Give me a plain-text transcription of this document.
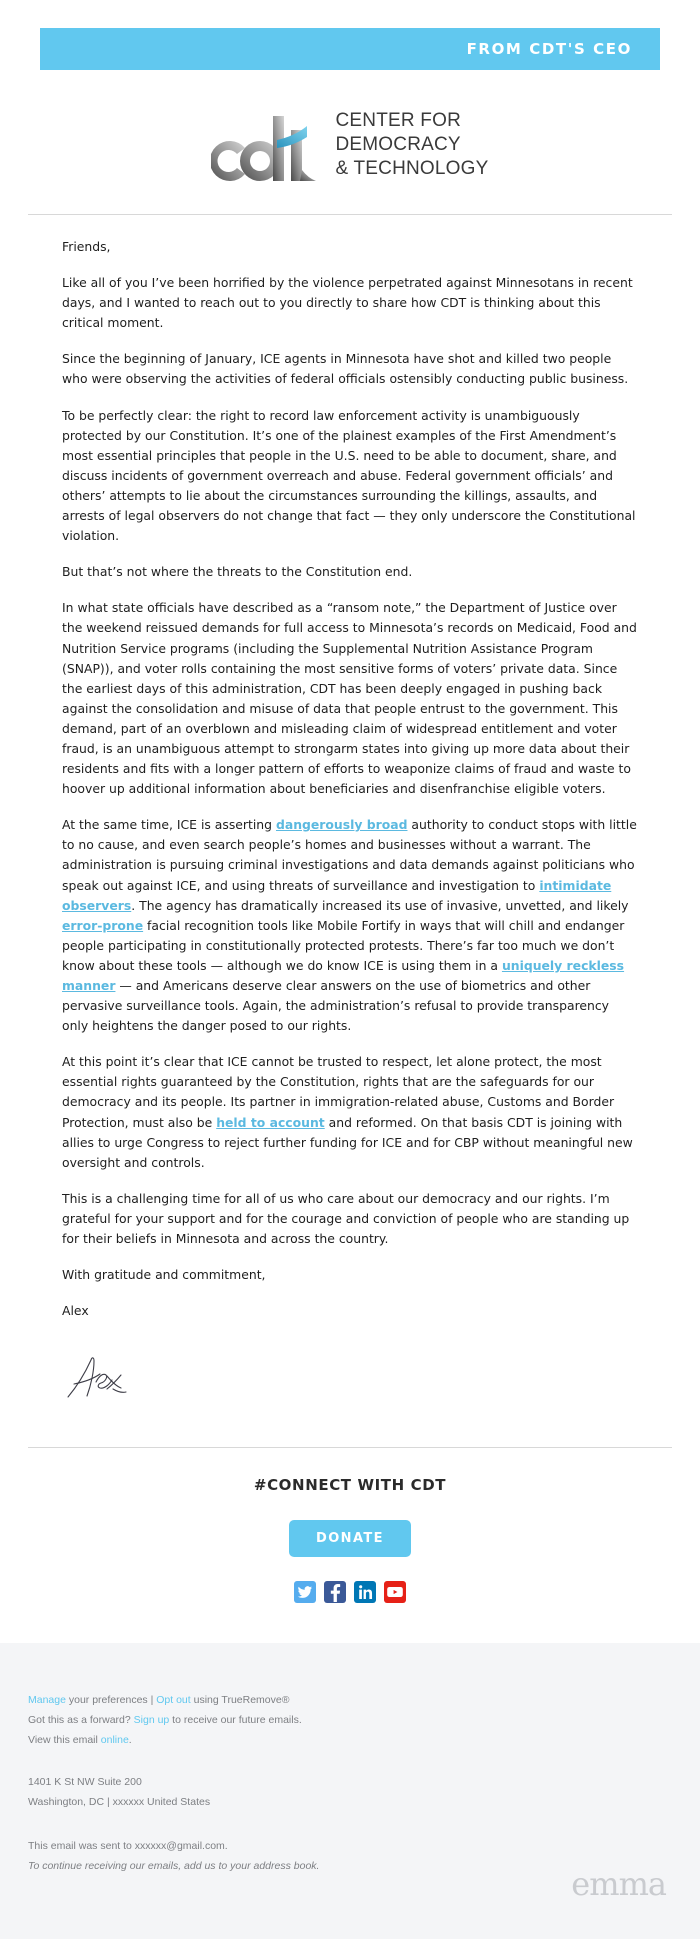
FROM CDT'S CEO
CENTER FOR
DEMOCRACY
& TECHNOLOGY

Friends,

Like all of you I’ve been horrified by the violence perpetrated against Minnesotans in recent days, and I wanted to reach out to you directly to share how CDT is thinking about this critical moment.

Since the beginning of January, ICE agents in Minnesota have shot and killed two people who were observing the activities of federal officials ostensibly conducting public business.

To be perfectly clear: the right to record law enforcement activity is unambiguously protected by our Constitution. It’s one of the plainest examples of the First Amendment’s most essential principles that people in the U.S. need to be able to document, share, and discuss incidents of government overreach and abuse. Federal government officials’ and others’ attempts to lie about the circumstances surrounding the killings, assaults, and arrests of legal observers do not change that fact — they only underscore the Constitutional violation.

But that’s not where the threats to the Constitution end.

In what state officials have described as a “ransom note,” the Department of Justice over the weekend reissued demands for full access to Minnesota’s records on Medicaid, Food and Nutrition Service programs (including the Supplemental Nutrition Assistance Program (SNAP)), and voter rolls containing the most sensitive forms of voters’ private data. Since the earliest days of this administration, CDT has been deeply engaged in pushing back against the consolidation and misuse of data that people entrust to the government. This demand, part of an overblown and misleading claim of widespread entitlement and voter fraud, is an unambiguous attempt to strongarm states into giving up more data about their residents and fits with a longer pattern of efforts to weaponize claims of fraud and waste to hoover up additional information about beneficiaries and disenfranchise eligible voters.

At the same time, ICE is asserting dangerously broad authority to conduct stops with little to no cause, and even search people’s homes and businesses without a warrant. The administration is pursuing criminal investigations and data demands against politicians who speak out against ICE, and using threats of surveillance and investigation to intimidate observers. The agency has dramatically increased its use of invasive, unvetted, and likely error-prone facial recognition tools like Mobile Fortify in ways that will chill and endanger people participating in constitutionally protected protests. There’s far too much we don’t know about these tools — although we do know ICE is using them in a uniquely reckless manner — and Americans deserve clear answers on the use of biometrics and other pervasive surveillance tools. Again, the administration’s refusal to provide transparency only heightens the danger posed to our rights.

At this point it’s clear that ICE cannot be trusted to respect, let alone protect, the most essential rights guaranteed by the Constitution, rights that are the safeguards for our democracy and its people. Its partner in immigration-related abuse, Customs and Border Protection, must also be held to account and reformed. On that basis CDT is joining with allies to urge Congress to reject further funding for ICE and for CBP without meaningful new oversight and controls.

This is a challenging time for all of us who care about our democracy and our rights. I’m grateful for your support and for the courage and conviction of people who are standing up for their beliefs in Minnesota and across the country.

With gratitude and commitment,

Alex

#CONNECT WITH CDT
DONATE

Manage your preferences | Opt out using TrueRemove®
Got this as a forward? Sign up to receive our future emails.
View this email online.
1401 K St NW Suite 200
Washington, DC | xxxxxx United States
This email was sent to xxxxxx@gmail.com.
To continue receiving our emails, add us to your address book.	emma
